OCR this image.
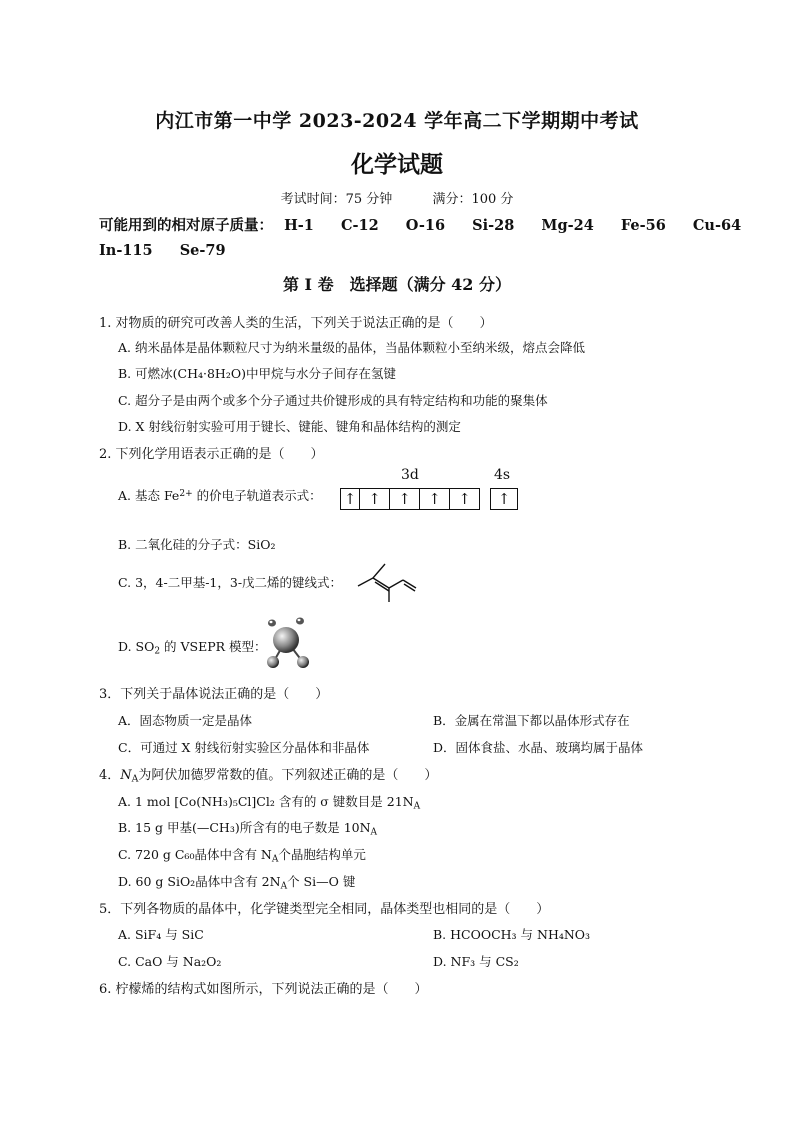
内江市第一中学 2023-2024 学年高二下学期期中考试
化学试题
考试时间：75 分钟	满分：100 分
可能用到的相对原子质量： H-1 C-12 O-16 Si-28 Mg-24 Fe-56 Cu-64
In-115 Se-79
第 I 卷　选择题（满分 42 分）
1. 对物质的研究可改善人类的生活，下列关于说法正确的是（　　）
A. 纳米晶体是晶体颗粒尺寸为纳米量级的晶体，当晶体颗粒小至纳米级，熔点会降低
B. 可燃冰(CH₄·8H₂O)中甲烷与水分子间存在氢键
C. 超分子是由两个或多个分子通过共价键形成的具有特定结构和功能的聚集体
D. X 射线衍射实验可用于键长、键能、键角和晶体结构的测定
2. 下列化学用语表示正确的是（　　）
A. 基态 $Fe^{2+}$ 的价电子轨道表示式：
3d	4s
↑ ↑	↑	↑	↑	↑
B. 二氧化硅的分子式：SiO₂
C. 3，4-二甲基-1，3-戊二烯的键线式：
D. $SO_2$ 的 VSEPR 模型：
3．下列关于晶体说法正确的是（　　）
A．固态物质一定是晶体	B．金属在常温下都以晶体形式存在
C．可通过 X 射线衍射实验区分晶体和非晶体	D．固体食盐、水晶、玻璃均属于晶体
4．$N_A$为阿伏加德罗常数的值。下列叙述正确的是（　　）
A. 1 mol [Co(NH₃)₅Cl]Cl₂ 含有的 σ 键数目是 $21N_A$
B. 15 g 甲基(—CH₃)所含有的电子数是 $10N_A$
C. 720 g C₆₀晶体中含有 $N_A$个晶胞结构单元
D. 60 g SiO₂晶体中含有 $2N_A$个 Si—O 键
5．下列各物质的晶体中，化学键类型完全相同，晶体类型也相同的是（　　）
A. SiF₄ 与 SiC	B. HCOOCH₃ 与 NH₄NO₃
C. CaO 与 Na₂O₂	D. NF₃ 与 CS₂
6. 柠檬烯的结构式如图所示，下列说法正确的是（　　）
